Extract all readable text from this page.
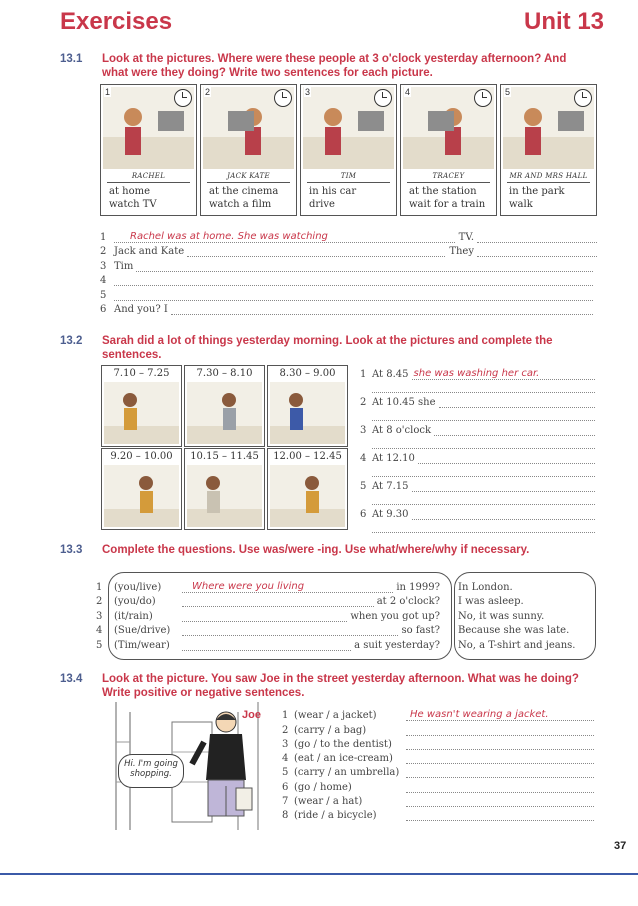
Exercises	Unit 13
13.1 Look at the pictures. Where were these people at 3 o'clock yesterday afternoon? And what were they doing? Write two sentences for each picture.
1
RACHEL
at home
watch TV
2
JACK KATE
at the cinema
watch a film
3
TIM
in his car
drive
4
TRACEY
at the station
wait for a train
5
MR AND MRS HALL
in the park
walk
1	Rachel was at home. She was watching	TV.
2 Jack and Kate	They
3 Tim
4
5
6 And you? I
13.2 Sarah did a lot of things yesterday morning. Look at the pictures and complete the sentences.
7.10 – 7.25	7.30 – 8.10	8.30 – 9.00
9.20 – 10.00	10.15 – 11.45	12.00 – 12.45
1 At 8.45 she was washing her car.
2 At 10.45 she
3 At 8 o'clock
4 At 12.10
5 At 7.15
6 At 9.30
13.3 Complete the questions. Use was/were -ing. Use what/where/why if necessary.
1	(you/live)	Where were you living	in 1999? In London.
2	(you/do)	at 2 o'clock? I was asleep.
3	(it/rain)	when you got up? No, it was sunny.
4	(Sue/drive)	so fast? Because she was late.
5	(Tim/wear)	a suit yesterday? No, a T-shirt and jeans.
13.4 Look at the picture. You saw Joe in the street yesterday afternoon. What was he doing? Write positive or negative sentences.
Joe
Hi. I'm going
shopping.
1 (wear / a jacket)	He wasn't wearing a jacket.
2 (carry / a bag)
3 (go / to the dentist)
4 (eat / an ice-cream)
5 (carry / an umbrella)
6 (go / home)
7 (wear / a hat)
8 (ride / a bicycle)
37
